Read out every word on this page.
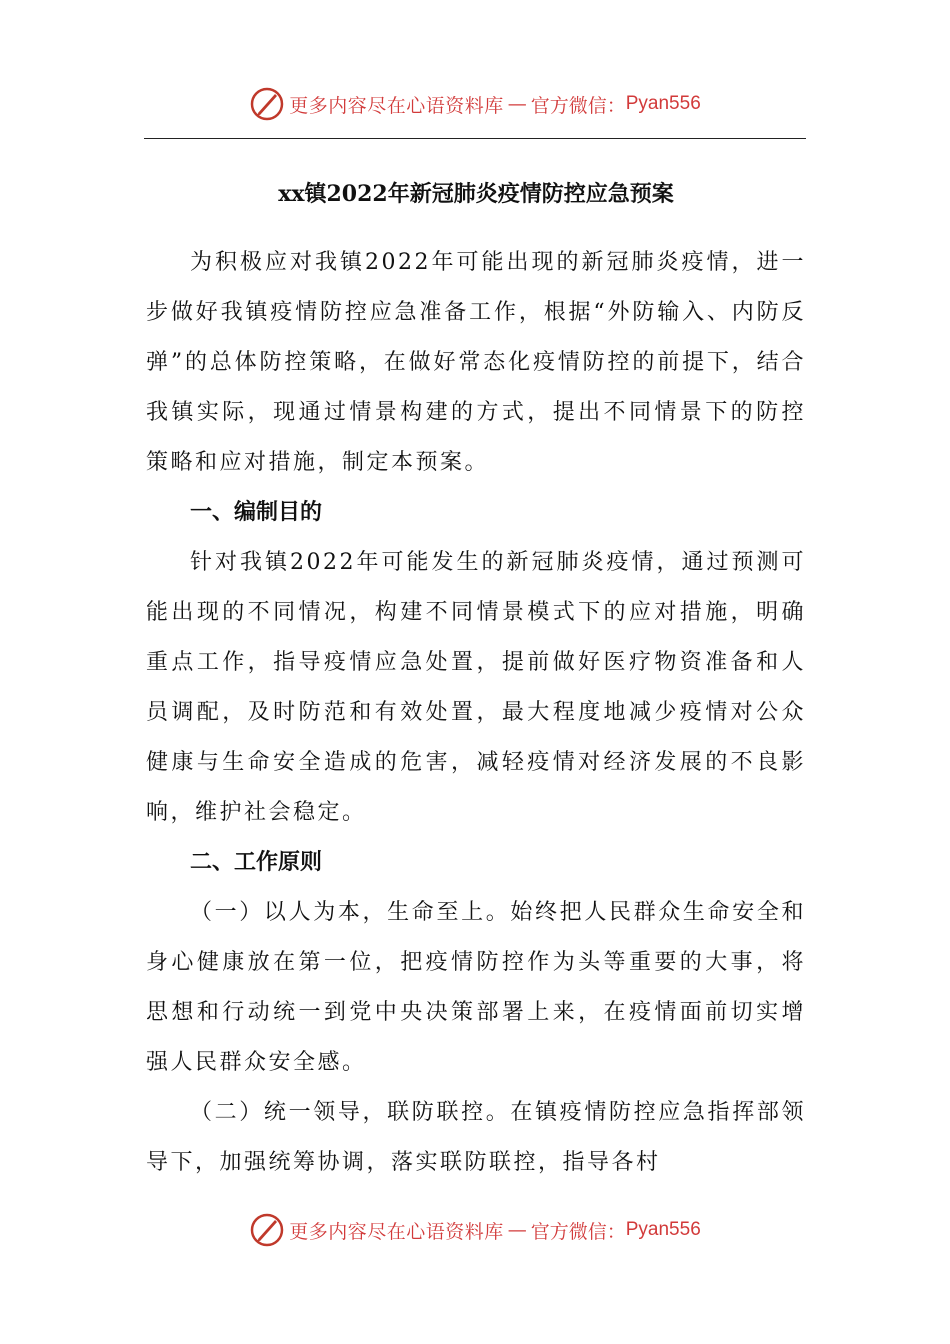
更多内容尽在心语资料库 — 官方微信： Pyan556
xx镇2022年新冠肺炎疫情防控应急预案

为积极应对我镇2022年可能出现的新冠肺炎疫情，进一步做好我镇疫情防控应急准备工作，根据“外防输入、内防反弹”的总体防控策略，在做好常态化疫情防控的前提下，结合我镇实际，现通过情景构建的方式，提出不同情景下的防控策略和应对措施，制定本预案。

一、编制目的

针对我镇2022年可能发生的新冠肺炎疫情，通过预测可能出现的不同情况，构建不同情景模式下的应对措施，明确重点工作，指导疫情应急处置，提前做好医疗物资准备和人员调配，及时防范和有效处置，最大程度地减少疫情对公众健康与生命安全造成的危害，减轻疫情对经济发展的不良影响，维护社会稳定。

二、工作原则

（一）以人为本，生命至上。始终把人民群众生命安全和身心健康放在第一位，把疫情防控作为头等重要的大事，将思想和行动统一到党中央决策部署上来，在疫情面前切实增强人民群众安全感。

（二）统一领导，联防联控。在镇疫情防控应急指挥部领导下，加强统筹协调，落实联防联控，指导各村

更多内容尽在心语资料库 — 官方微信： Pyan556
